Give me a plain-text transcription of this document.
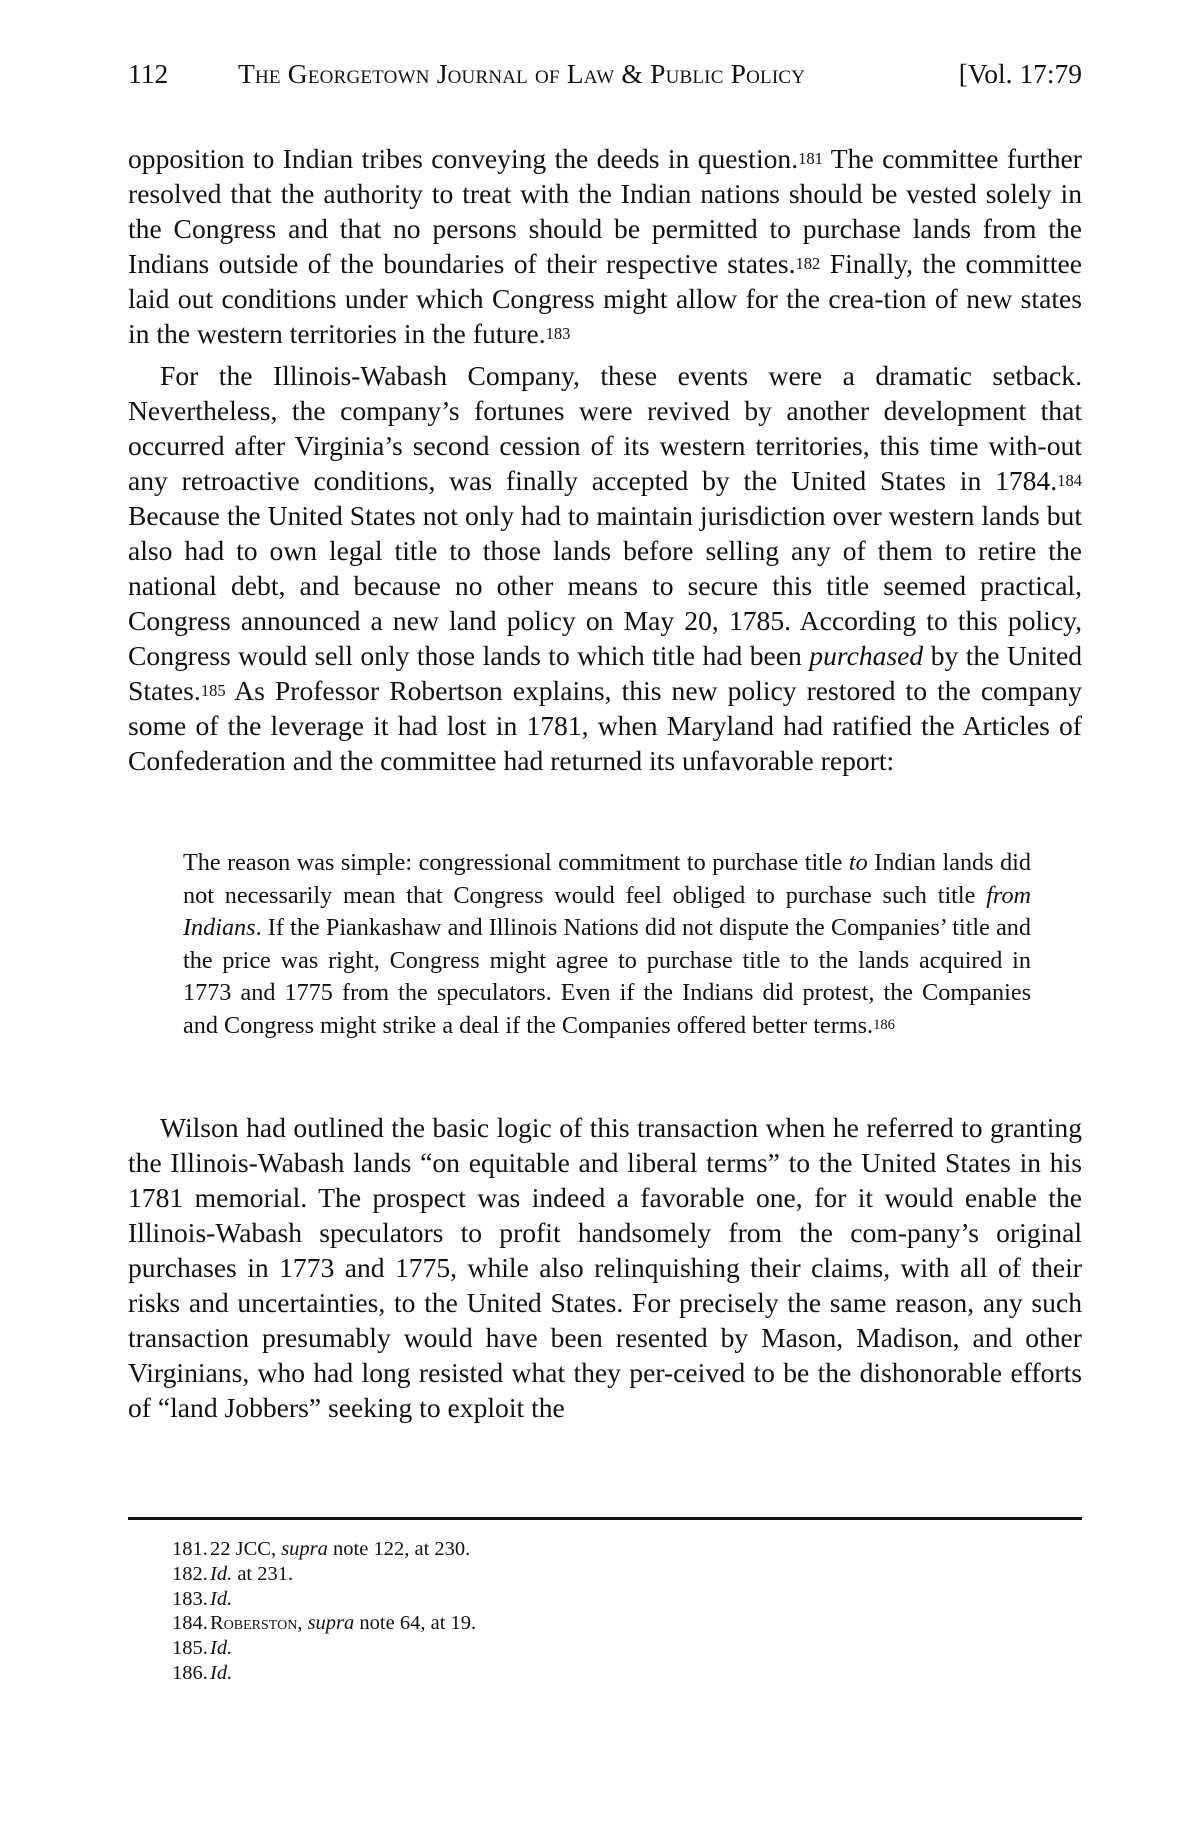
112	The Georgetown Journal of Law & Public Policy	[Vol. 17:79
opposition to Indian tribes conveying the deeds in question.$^{181}$ The committee further resolved that the authority to treat with the Indian nations should be vested solely in the Congress and that no persons should be permitted to purchase lands from the Indians outside of the boundaries of their respective states.$^{182}$ Finally, the committee laid out conditions under which Congress might allow for the crea-tion of new states in the western territories in the future.$^{183}$
For the Illinois-Wabash Company, these events were a dramatic setback. Nevertheless, the company’s fortunes were revived by another development that occurred after Virginia’s second cession of its western territories, this time with-out any retroactive conditions, was finally accepted by the United States in 1784.$^{184}$ Because the United States not only had to maintain jurisdiction over western lands but also had to own legal title to those lands before selling any of them to retire the national debt, and because no other means to secure this title seemed practical, Congress announced a new land policy on May 20, 1785. According to this policy, Congress would sell only those lands to which title had been purchased by the United States.$^{185}$ As Professor Robertson explains, this new policy restored to the company some of the leverage it had lost in 1781, when Maryland had ratified the Articles of Confederation and the committee had returned its unfavorable report:
The reason was simple: congressional commitment to purchase title to Indian lands did not necessarily mean that Congress would feel obliged to purchase such title from Indians. If the Piankashaw and Illinois Nations did not dispute the Companies’ title and the price was right, Congress might agree to purchase title to the lands acquired in 1773 and 1775 from the speculators. Even if the Indians did protest, the Companies and Congress might strike a deal if the Companies offered better terms.$^{186}$
Wilson had outlined the basic logic of this transaction when he referred to granting the Illinois-Wabash lands “on equitable and liberal terms” to the United States in his 1781 memorial. The prospect was indeed a favorable one, for it would enable the Illinois-Wabash speculators to profit handsomely from the com-pany’s original purchases in 1773 and 1775, while also relinquishing their claims, with all of their risks and uncertainties, to the United States. For precisely the same reason, any such transaction presumably would have been resented by Mason, Madison, and other Virginians, who had long resisted what they per-ceived to be the dishonorable efforts of “land Jobbers” seeking to exploit the
181. 22 JCC, supra note 122, at 230.
182. Id. at 231.
183. Id.
184. Roberston, supra note 64, at 19.
185. Id.
186. Id.
